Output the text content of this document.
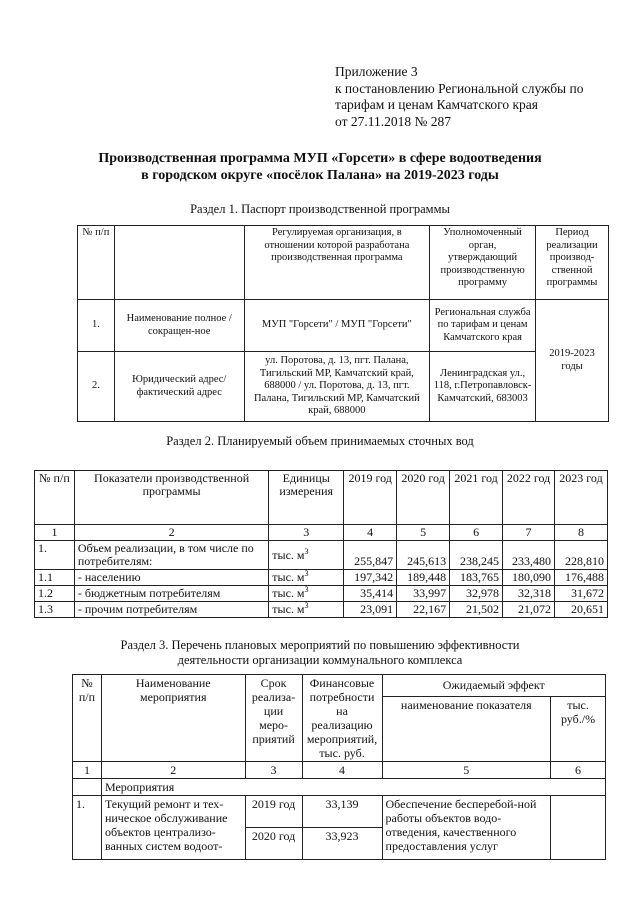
Приложение 3
к постановлению Региональной службы по
тарифам и ценам Камчатского края
от 27.11.2018 № 287
Производственная программа МУП «Горсети» в сфере водоотведения
в городском округе «посёлок Палана» на 2019-2023 годы
Раздел 1. Паспорт производственной программы
№ п/п		Регулируемая организация, в отношении которой разработана производственная программа	Уполномоченный орган, утверждающий производственную программу	Период реализации производ-ственной программы
1.	Наименование полное / сокращен-ное	МУП "Горсети" / МУП "Горсети"	Региональная служба по тарифам и ценам Камчатского края	2019-2023 годы
2.	Юридический адрес/фактический адрес	ул. Поротова, д. 13, пгт. Палана, Тигильский МР, Камчатский край, 688000 / ул. Поротова, д. 13, пгт. Палана, Тигильский МР, Камчатский край, 688000	Ленинградская ул., 118, г.Петропавловск-Камчатский, 683003	
Раздел 2. Планируемый объем принимаемых сточных вод
№ п/п	Показатели производственной программы	Единицы измерения	2019 год	2020 год	2021 год	2022 год	2023 год
1	2	3	4	5	6	7	8
1.	Объем реализации, в том числе по потребителям:	тыс. $м^3$	255,847	245,613	238,245	233,480	228,810
1.1	- населению	тыс. $м^3$	197,342	189,448	183,765	180,090	176,488
1.2	- бюджетным потребителям	тыс. $м^3$	35,414	33,997	32,978	32,318	31,672
1.3	- прочим потребителям	тыс. $м^3$	23,091	22,167	21,502	21,072	20,651
Раздел 3. Перечень плановых мероприятий по повышению эффективности
деятельности организации коммунального комплекса
№ п/п	Наименование мероприятия	Срок реализа-ции меро-приятий	Финансовые потребности на реализацию мероприятий, тыс. руб.	Ожидаемый эффект	
				наименование показателя	тыс. руб./%
1	2	3	4	5	6
	Мероприятия				
1.	Текущий ремонт и тех-ническое обслуживание объектов централизо-ванных систем водоот-	2019 год	33,139	Обеспечение бесперебой-ной работы объектов водо-отведения, качественного предоставления услуг	
		2020 год	33,923		
